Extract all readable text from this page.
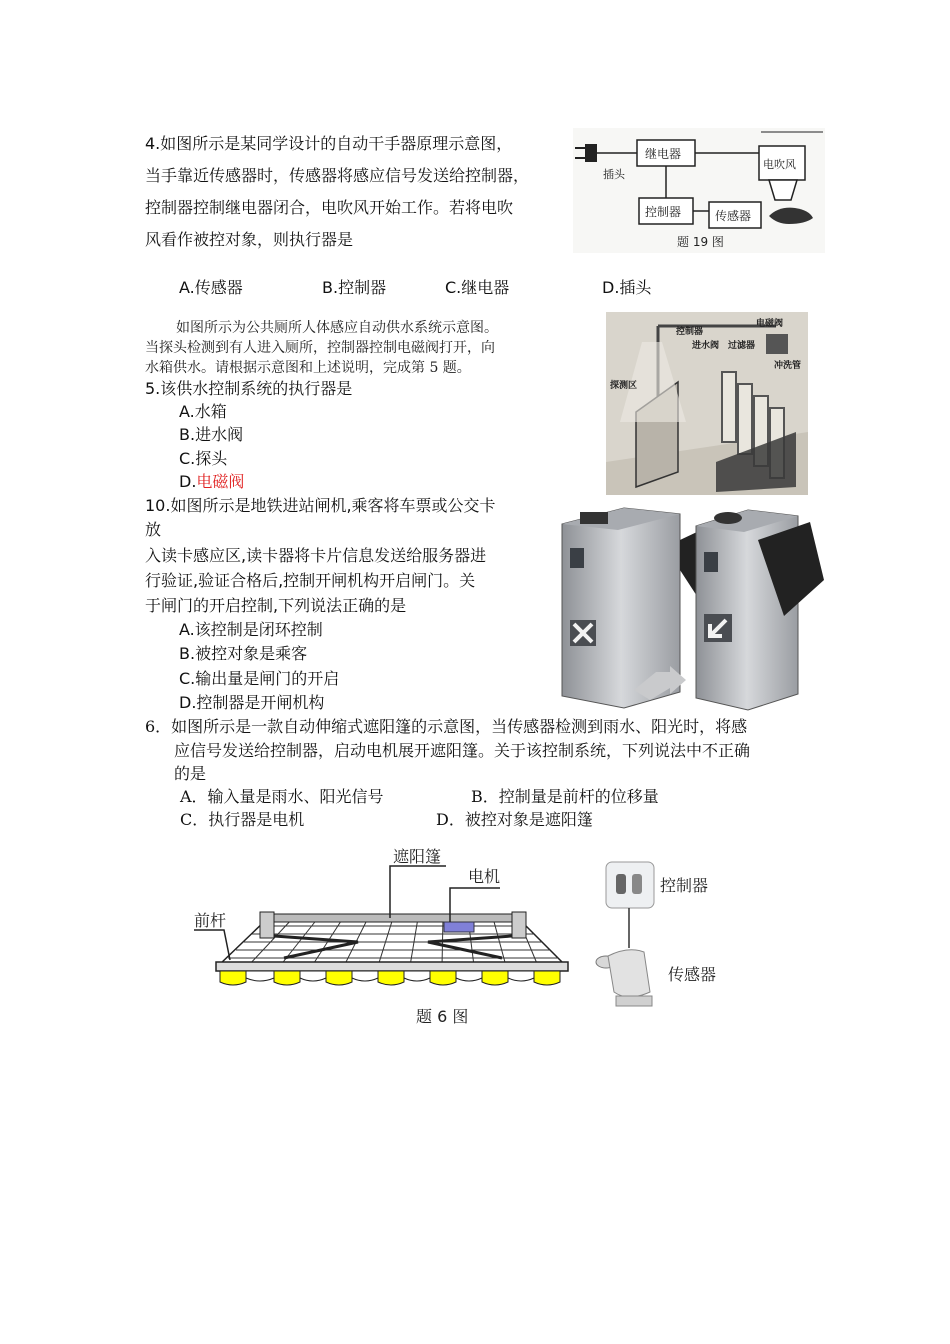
4.如图所示是某同学设计的自动干手器原理示意图，
当手靠近传感器时，传感器将感应信号发送给控制器，
控制器控制继电器闭合，电吹风开始工作。若将电吹
风看作被控对象，则执行器是
A.传感器	B.控制器	C.继电器	D.插头
插头
继电器
电吹风
控制器	传感器
题 19 图
如图所示为公共厕所人体感应自动供水系统示意图。
当探头检测到有人进入厕所，控制器控制电磁阀打开，向
水箱供水。请根据示意图和上述说明，完成第 5 题。
5.该供水控制系统的执行器是
A.水箱
B.进水阀
C.探头
D.电磁阀
控制器
电磁阀
进水阀 过滤器
冲洗管
探测区
10.如图所示是地铁进站闸机,乘客将车票或公交卡
放
入读卡感应区,读卡器将卡片信息发送给服务器进
行验证,验证合格后,控制开闸机构开启闸门。关
于闸门的开启控制,下列说法正确的是
A.该控制是闭环控制
B.被控对象是乘客
C.输出量是闸门的开启
D.控制器是开闸机构
6．如图所示是一款自动伸缩式遮阳篷的示意图，当传感器检测到雨水、阳光时，将感
应信号发送给控制器，启动电机展开遮阳篷。关于该控制系统，下列说法中不正确
的是
A．输入量是雨水、阳光信号	B．控制量是前杆的位移量
C．执行器是电机	D．被控对象是遮阳篷
遮阳篷
电机
前杆
控制器
传感器
题 6 图
